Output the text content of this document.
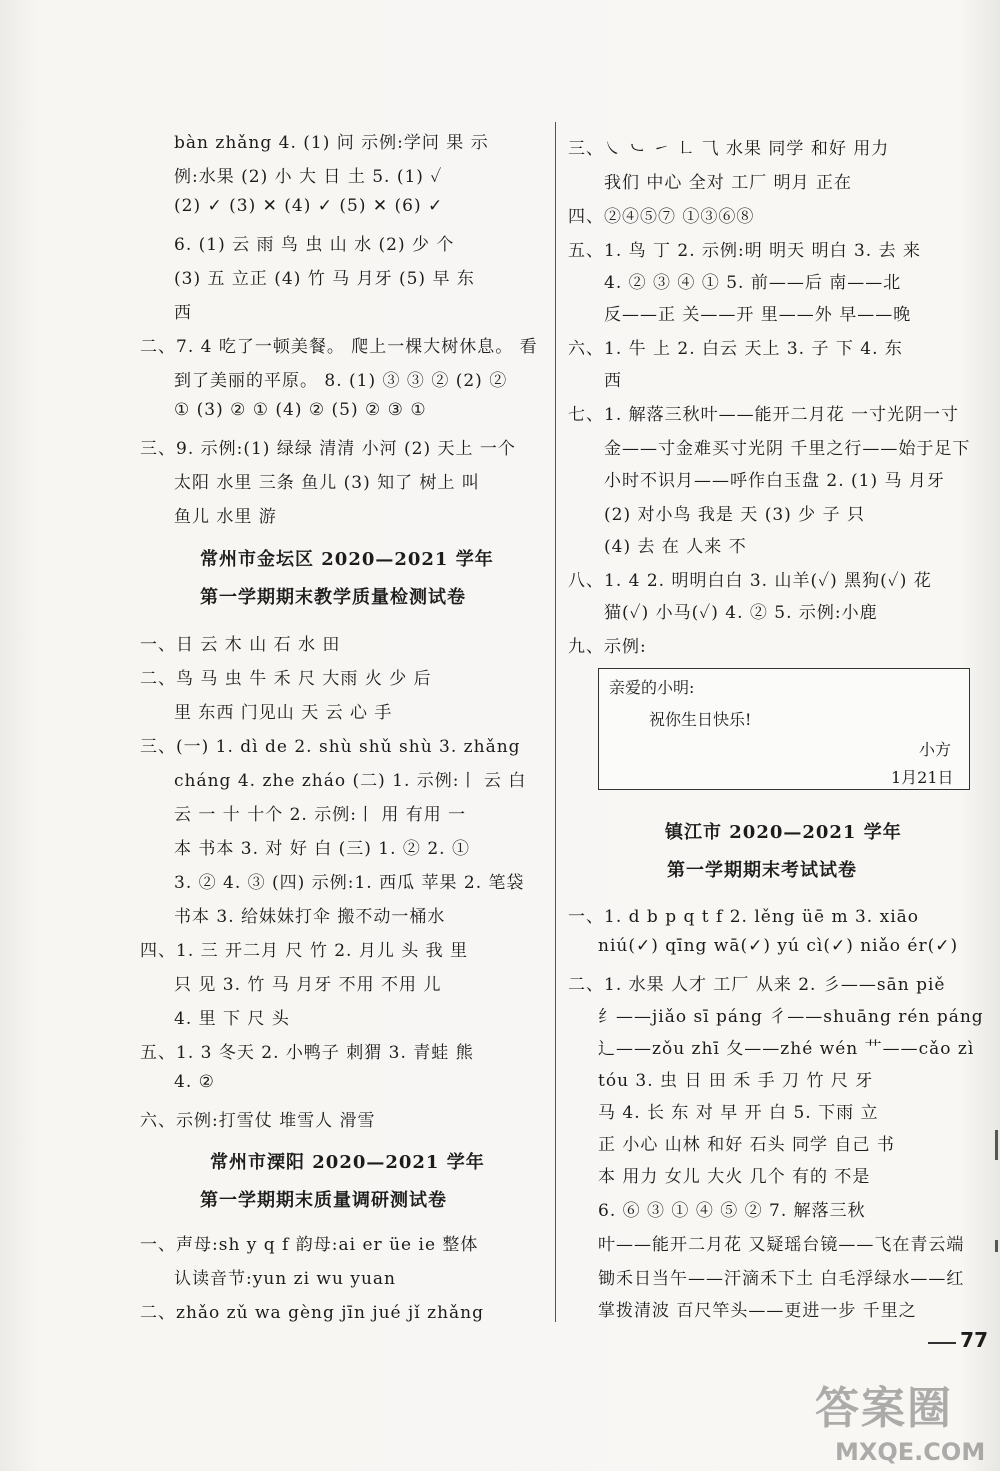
bàn zhǎng 4. (1) 问 示例:学问 果 示
例:水果 (2) 小 大 日 土 5. (1) ✓
(2) ✓ (3) ✕ (4) ✓ (5) ✕ (6) ✓
6. (1) 云 雨 鸟 虫 山 水 (2) 少 个
(3) 五 立正 (4) 竹 马 月牙 (5) 早 东
西
二、7. 4 吃了一顿美餐。 爬上一棵大树休息。 看
到了美丽的平原。 8. (1) ③ ③ ② (2) ②
① (3) ② ① (4) ② (5) ② ③ ①
三、9. 示例:(1) 绿绿 清清 小河 (2) 天上 一个
太阳 水里 三条 鱼儿 (3) 知了 树上 叫
鱼儿 水里 游
常州市金坛区 2020—2021 学年
第一学期期末教学质量检测试卷
一、日 云 木 山 石 水 田
二、鸟 马 虫 牛 禾 尺 大雨 火 少 后
里 东西 门见山 天 云 心 手
三、(一) 1. dì de 2. shù shǔ shù 3. zhǎng
cháng 4. zhe zháo (二) 1. 示例:丨 云 白
云 一 十 十个 2. 示例:丨 用 有用 一
本 书本 3. 对 好 白 (三) 1. ② 2. ①
3. ② 4. ③ (四) 示例:1. 西瓜 苹果 2. 笔袋
书本 3. 给妹妹打伞 搬不动一桶水
四、1. 三 开二月 尺 竹 2. 月儿 头 我 里
只 见 3. 竹 马 月牙 不用 不用 儿
4. 里 下 尺 头
五、1. 3 冬天 2. 小鸭子 刺猬 3. 青蛙 熊
4. ②
六、示例:打雪仗 堆雪人 滑雪
常州市溧阳 2020—2021 学年
第一学期期末质量调研测试卷
一、声母:sh y q f 韵母:ai er üe ie 整体
认读音节:yun zi wu yuan
二、zhǎo zǔ wa gèng jīn jué jǐ zhǎng
三、㇏ ㇃ ㇀ ㇗ ⺄ 水果 同学 和好 用力
我们 中心 全对 工厂 明月 正在
四、②④⑤⑦ ①③⑥⑧
五、1. 鸟 丁 2. 示例:明 明天 明白 3. 去 来
4. ② ③ ④ ① 5. 前——后 南——北
反——正 关——开 里——外 早——晚
六、1. 牛 上 2. 白云 天上 3. 子 下 4. 东
西
七、1. 解落三秋叶——能开二月花 一寸光阴一寸
金——寸金难买寸光阴 千里之行——始于足下
小时不识月——呼作白玉盘 2. (1) 马 月牙
(2) 对小鸟 我是 天 (3) 少 子 只
(4) 去 在 人来 不
八、1. 4 2. 明明白白 3. 山羊(✓) 黑狗(✓) 花
猫(✓) 小马(✓) 4. ② 5. 示例:小鹿
九、示例:
亲爱的小明:
祝你生日快乐!
小方
1月21日
镇江市 2020—2021 学年
第一学期期末考试试卷
一、1. d b p q t f 2. lěng üē m 3. xiāo
niú(✓) qīng wā(✓) yú cì(✓) niǎo ér(✓)
二、1. 水果 人才 工厂 从来 2. 彡——sān piě
纟——jiǎo sī páng 彳——shuāng rén páng
辶——zǒu zhī 夂——zhé wén 艹——cǎo zì
tóu 3. 虫 日 田 禾 手 刀 竹 尺 牙
马 4. 长 东 对 早 开 白 5. 下雨 立
正 小心 山林 和好 石头 同学 自己 书
本 用力 女儿 大火 几个 有的 不是
6. ⑥ ③ ① ④ ⑤ ② 7. 解落三秋
叶——能开二月花 又疑瑶台镜——飞在青云端
锄禾日当午——汗滴禾下土 白毛浮绿水——红
掌拨清波 百尺竿头——更进一步 千里之
77
答案圈
MXQE.COM
